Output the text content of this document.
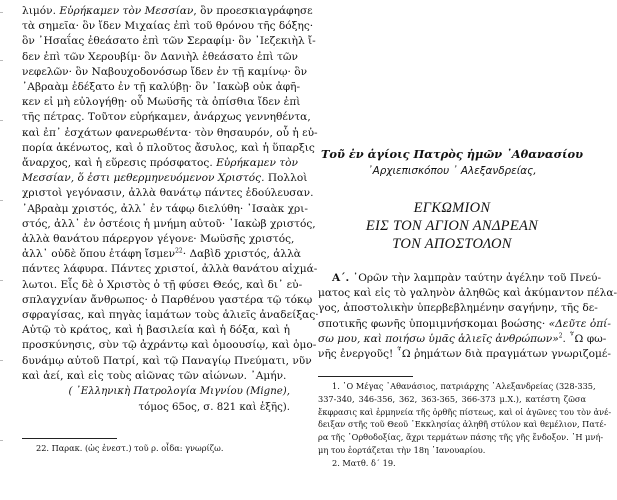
λιμόν. Εὑρήκαμεν τὸν Μεσσίαν, ὃν προεσκιαγράφησε
τὰ σημεῖα· ὃν ἴδεν Μιχαίας ἐπὶ τοῦ θρόνου τῆς δόξης·
ὃν ᾿Ησαΐας ἐθεάσατο ἐπὶ τῶν Σεραφίμ· ὃν ᾿Ιεζεκιὴλ ἴ-
δεν ἐπὶ τῶν Χερουβίμ· ὃν Δανιὴλ ἐθεάσατο ἐπὶ τῶν
νεφελῶν· ὃν Ναβουχοδονόσωρ ἴδεν ἐν τῇ καμίνῳ· ὃν
᾿Αβραὰμ ἐδέξατο ἐν τῇ καλύβῃ· ὃν ᾿Ιακὼβ οὐκ ἀφῆ-
κεν εἰ μὴ εὐλογήθῃ· οὗ Μωϋσῆς τὰ ὀπίσθια ἴδεν ἐπὶ
τῆς πέτρας. Τοῦτον εὑρήκαμεν, ἀνάρχως γεννηθέντα,
καὶ ἐπ᾿ ἐσχάτων φανερωθέντα· τὸν θησαυρόν, οὗ ἡ εὐ-
πορία ἀκένωτος, καὶ ὁ πλοῦτος ἄσυλος, καὶ ἡ ὕπαρξις
ἄναρχος, καὶ ἡ εὕρεσις πρόσφατος. Εὑρήκαμεν τὸν
Μεσσίαν, ὅ ἐστι μεθερμηνευόμενον Χριστός. Πολλοὶ
χριστοὶ γεγόνασιν, ἀλλὰ θανάτῳ πάντες ἐδούλευσαν.
᾿Αβραὰμ χριστός, ἀλλ᾿ ἐν τάφῳ διελύθη· ᾿Ισαὰκ χρι-
στός, ἀλλ᾿ ἐν ὀστέοις ἡ μνήμη αὐτοῦ· ᾿Ιακὼβ χριστός,
ἀλλὰ θανάτου πάρεργον γέγονε· Μωϋσῆς χριστός,
ἀλλ᾿ οὐδὲ ὅπου ἐτάφη ἴσμεν$^{22}$· Δαβὶδ χριστός, ἀλλὰ
πάντες λάφυρα. Πάντες χριστοί, ἀλλὰ θανάτου αἰχμά-
λωτοι. Εἷς δὲ ὁ Χριστὸς ὁ τῇ φύσει Θεός, καὶ δι᾿ εὐ-
σπλαγχνίαν ἄνθρωπος· ὁ Παρθένου γαστέρα τῷ τόκῳ
σφραγίσας, καὶ πηγὰς ἰαμάτων τοὺς ἁλιεῖς ἀναδείξας·
Αὐτῷ τὸ κράτος, καὶ ἡ βασιλεία καὶ ἡ δόξα, καὶ ἡ
προσκύνησις, σὺν τῷ ἀχράντῳ καὶ ὁμοουσίῳ, καὶ ὁμο-
δυνάμῳ αὐτοῦ Πατρί, καὶ τῷ Παναγίῳ Πνεύματι, νῦν
καὶ ἀεί, καὶ εἰς τοὺς αἰῶνας τῶν αἰώνων. ᾿Αμήν.
( ᾿Ελληνικὴ Πατρολογία Μιγνίου (Migne),
τόμος 65ος, σ. 821 καὶ ἑξῆς).
22. Παρακ. (ὡς ἐνεστ.) τοῦ ρ. οἶδα: γνωρίζω.
Τοῦ ἐν ἁγίοις Πατρὸς ἡμῶν ᾿Αθανασίου
᾿Αρχιεπισκόπου ᾿ Αλεξανδρείας,
ΕΓΚΩΜΙΟΝ
ΕΙΣ ΤΟΝ ΑΓΙΟΝ ΑΝΔΡΕΑΝ
ΤΟΝ ΑΠΟΣΤΟΛΟΝ
Α΄. ᾿Ορῶν τὴν λαμπρὰν ταύτην ἀγέλην τοῦ Πνεύ-
ματος καὶ εἰς τὸ γαληνὸν ἀληθῶς καὶ ἀκύμαντον πέλα-
γος, ἀποστολικὴν ὑπερβεβλημένην σαγήνην, τῆς δε-
σποτικῆς φωνῆς ὑπομιμνήσκομαι βοώσης· «Δεῦτε ὀπί-
σω μου, καὶ ποιήσω ὑμᾶς ἁλιεῖς ἀνθρώπων»$^2$. ῏Ω φω-
νῆς ἐνεργοῦς! ῏Ω ῥημάτων διὰ πραγμάτων γνωριζομέ-
1. ῾Ο Μέγας ᾿Αθανάσιος, πατριάρχης ᾿Αλεξανδρείας (328-335,
337-340, 346-356, 362, 363-365, 366-373 μ.Χ.), κατέστη ζῶσα
ἔκφρασις καὶ ἑρμηνεία τῆς ὀρθῆς πίστεως, καὶ οἱ ἀγῶνες του τὸν ἀνέ-
δειξαν στῆς τοῦ Θεοῦ ᾿Εκκλησίας ἀληθῆ στύλον καὶ θεμέλιον, Πατέ-
ρα τῆς ᾿Ορθοδοξίας, ἄχρι τερμάτων πάσης τῆς γῆς ἔνδοξον. ῾Η μνή-
μη του ἑορτάζεται τὴν 18η ᾿Ιανουαρίου.
2. Ματθ. δ΄ 19.
